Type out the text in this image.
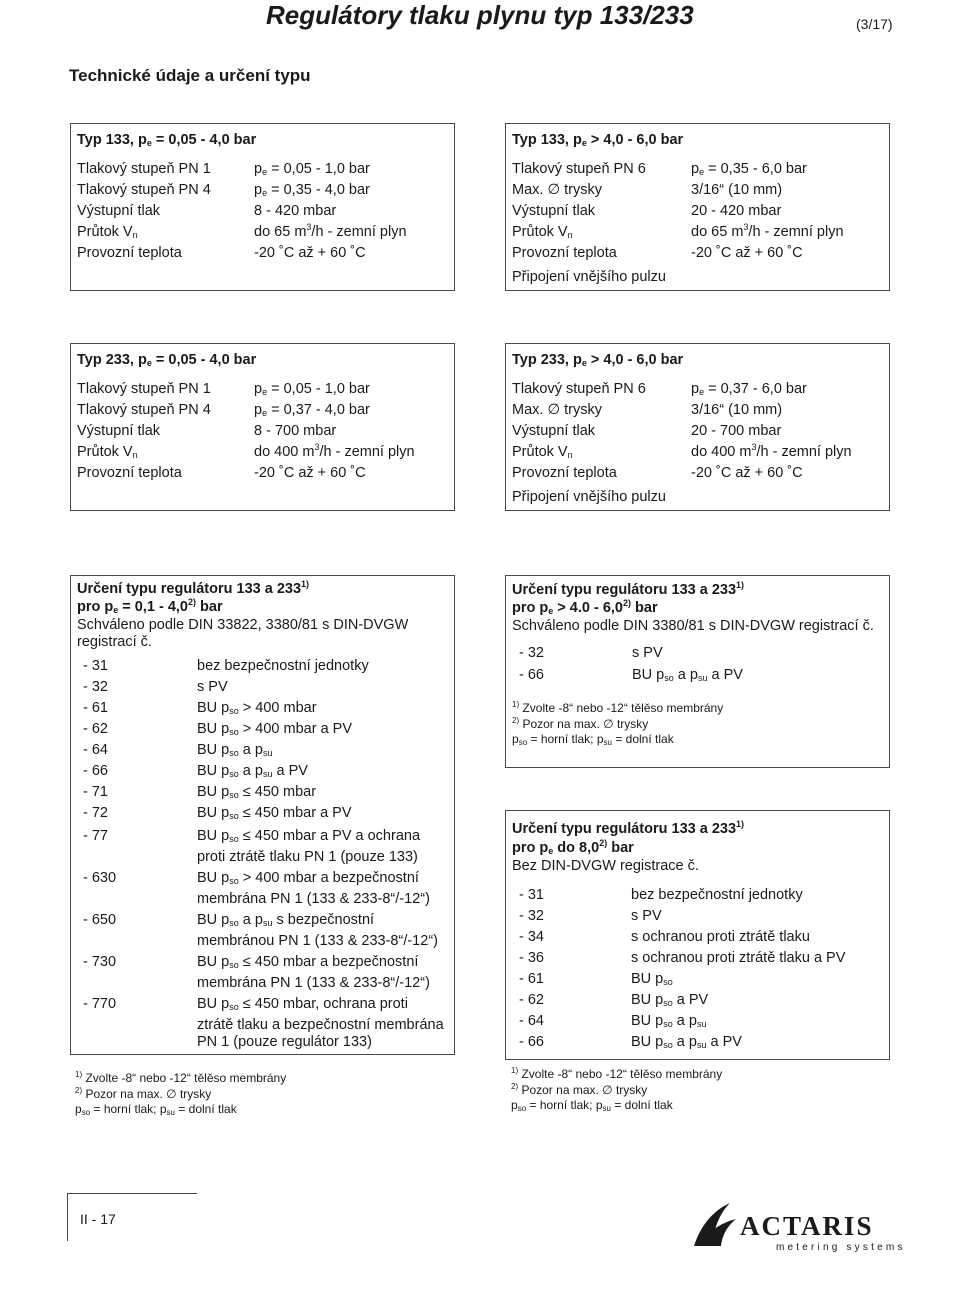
Regulátory tlaku plynu typ 133/233	(3/17)
Technické údaje a určení typu
Typ 133, $p_e = 0,05 - 4,0$ bar
Tlakový stupeň PN 1	$p_e = 0,05 - 1,0$ bar
Tlakový stupeň PN 4	$p_e = 0,35 - 4,0$ bar
Výstupní tlak	8 - 420 mbar
Průtok $V_n$	do 65 $m^3/h$ - zemní plyn
Provozní teplota	-20 ˚C až + 60 ˚C
Typ 133, $p_e > 4,0 - 6,0$ bar
Tlakový stupeň PN 6	$p_e = 0,35 - 6,0$ bar
Max. ∅ trysky	3/16“ (10 mm)
Výstupní tlak	20 - 420 mbar
Průtok $V_n$	do 65 $m^3/h$ - zemní plyn
Provozní teplota	-20 ˚C až + 60 ˚C
Připojení vnějšího pulzu
Typ 233, $p_e = 0,05 - 4,0$ bar
Tlakový stupeň PN 1	$p_e = 0,05 - 1,0$ bar
Tlakový stupeň PN 4	$p_e = 0,37 - 4,0$ bar
Výstupní tlak	8 - 700 mbar
Průtok $V_n$	do 400 $m^3/h$ - zemní plyn
Provozní teplota	-20 ˚C až + 60 ˚C
Typ 233, $p_e > 4,0 - 6,0$ bar
Tlakový stupeň PN 6	$p_e = 0,37 - 6,0$ bar
Max. ∅ trysky	3/16“ (10 mm)
Výstupní tlak	20 - 700 mbar
Průtok $V_n$	do 400 $m^3/h$ - zemní plyn
Provozní teplota	-20 ˚C až + 60 ˚C
Připojení vnějšího pulzu
Určení typu regulátoru 133 a 233$^{1)}$
pro $p_e = 0,1 - 4,0^{2)}$ bar
Schváleno podle DIN 33822, 3380/81 s DIN-DVGW
registrací č.
- 31	bez bezpečnostní jednotky
- 32	s PV
- 61	BU $p_{so} > 400$ mbar
- 62	BU $p_{so} > 400$ mbar a PV
- 64	BU $p_{so}$ a $p_{su}$
- 66	BU $p_{so}$ a $p_{su}$ a PV
- 71	BU $p_{so} \le 450$ mbar
- 72	BU $p_{so} \le 450$ mbar a PV
- 77	BU $p_{so} \le 450$ mbar a PV a ochrana
proti ztrátě tlaku PN 1 (pouze 133)
- 630	BU $p_{so} > 400$ mbar a bezpečnostní
membrána PN 1 (133 & 233-8“/-12“)
- 650	BU $p_{so}$ a $p_{su}$ s bezpečnostní
membránou PN 1 (133 & 233-8“/-12“)
- 730	BU $p_{so} \le 450$ mbar a bezpečnostní
membrána PN 1 (133 & 233-8“/-12“)
- 770	BU $p_{so} \le 450$ mbar, ochrana proti
ztrátě tlaku a bezpečnostní membrána
PN 1 (pouze regulátor 133)
$^{1)}$ Zvolte -8“ nebo -12“ tělěso membrány
$^{2)}$ Pozor na max. ∅ trysky
$p_{so}$ = horní tlak; $p_{su}$ = dolní tlak
Určení typu regulátoru 133 a 233$^{1)}$
pro $p_e > 4.0 - 6,0^{2)}$ bar
Schváleno podle DIN 3380/81 s DIN-DVGW registrací č.
- 32	s PV
- 66	BU $p_{so}$ a $p_{su}$ a PV
$^{1)}$ Zvolte -8“ nebo -12“ tělěso membrány
$^{2)}$ Pozor na max. ∅ trysky
$p_{so}$ = horní tlak; $p_{su}$ = dolní tlak
Určení typu regulátoru 133 a 233$^{1)}$
pro $p_e$ do 8,0$^{2)}$ bar
Bez DIN-DVGW registrace č.
- 31	bez bezpečnostní jednotky
- 32	s PV
- 34	s ochranou proti ztrátě tlaku
- 36	s ochranou proti ztrátě tlaku a PV
- 61	BU $p_{so}$
- 62	BU $p_{so}$ a PV
- 64	BU $p_{so}$ a $p_{su}$
- 66	BU $p_{so}$ a $p_{su}$ a PV
$^{1)}$ Zvolte -8“ nebo -12“ tělěso membrány
$^{2)}$ Pozor na max. ∅ trysky
$p_{so}$ = horní tlak; $p_{su}$ = dolní tlak
II - 17	ACTARIS
metering systems
